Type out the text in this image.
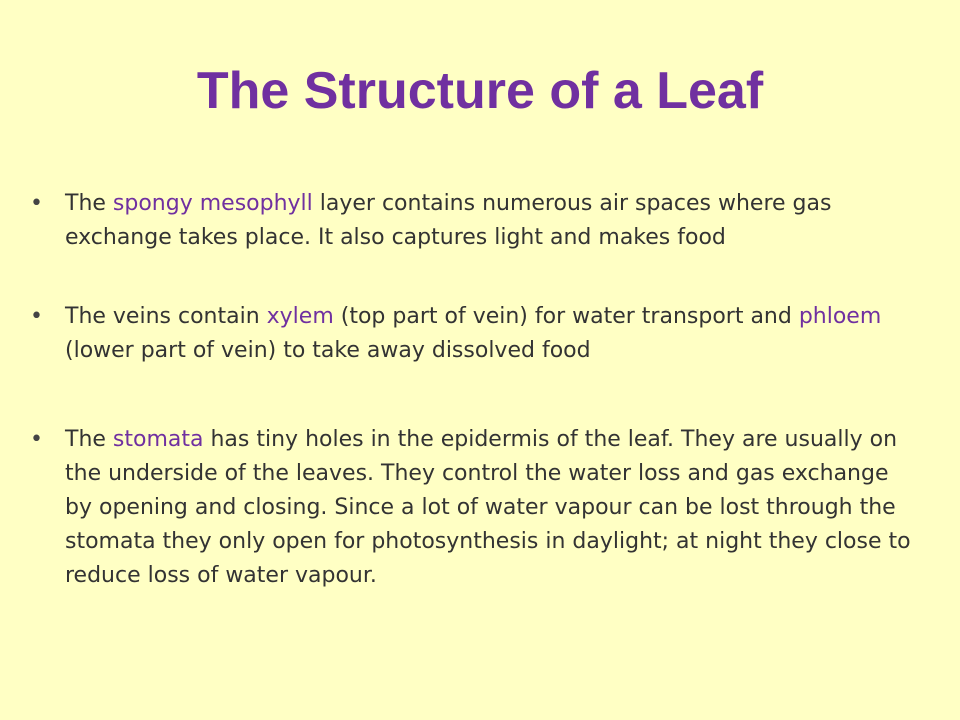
The Structure of a Leaf
•	The spongy mesophyll layer contains numerous air spaces where gas exchange takes place. It also captures light and makes food
•	The veins contain xylem (top part of vein) for water transport and phloem (lower part of vein) to take away dissolved food
•	The stomata has tiny holes in the epidermis of the leaf. They are usually on the underside of the leaves. They control the water loss and gas exchange by opening and closing. Since a lot of water vapour can be lost through the stomata they only open for photosynthesis in daylight; at night they close to reduce loss of water vapour.
